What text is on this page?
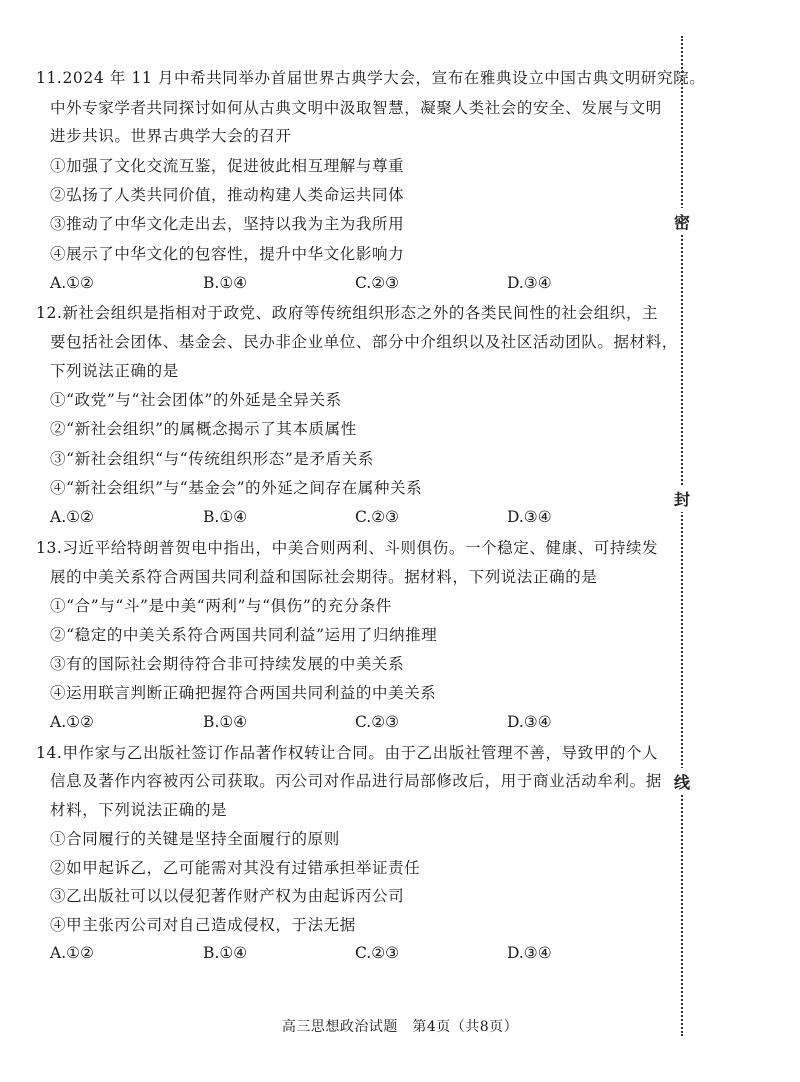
11.2024 年 11 月中希共同举办首届世界古典学大会，宣布在雅典设立中国古典文明研究院。
中外专家学者共同探讨如何从古典文明中汲取智慧，凝聚人类社会的安全、发展与文明
进步共识。世界古典学大会的召开
①加强了文化交流互鉴，促进彼此相互理解与尊重
②弘扬了人类共同价值，推动构建人类命运共同体
③推动了中华文化走出去，坚持以我为主为我所用
④展示了中华文化的包容性，提升中华文化影响力
A.①②	B.①④	C.②③	D.③④
12.新社会组织是指相对于政党、政府等传统组织形态之外的各类民间性的社会组织，主
要包括社会团体、基金会、民办非企业单位、部分中介组织以及社区活动团队。据材料，
下列说法正确的是
①“政党”与“社会团体”的外延是全异关系
②“新社会组织”的属概念揭示了其本质属性
③“新社会组织“与“传统组织形态”是矛盾关系
④“新社会组织”与“基金会”的外延之间存在属种关系
A.①②	B.①④	C.②③	D.③④
13.习近平给特朗普贺电中指出，中美合则两利、斗则俱伤。一个稳定、健康、可持续发
展的中美关系符合两国共同利益和国际社会期待。据材料，下列说法正确的是
①“合”与“斗”是中美“两利”与“俱伤”的充分条件
②“稳定的中美关系符合两国共同利益”运用了归纳推理
③有的国际社会期待符合非可持续发展的中美关系
④运用联言判断正确把握符合两国共同利益的中美关系
A.①②	B.①④	C.②③	D.③④
14.甲作家与乙出版社签订作品著作权转让合同。由于乙出版社管理不善，导致甲的个人
信息及著作内容被丙公司获取。丙公司对作品进行局部修改后，用于商业活动牟利。据
材料，下列说法正确的是
①合同履行的关键是坚持全面履行的原则
②如甲起诉乙，乙可能需对其没有过错承担举证责任
③乙出版社可以以侵犯著作财产权为由起诉丙公司
④甲主张丙公司对自己造成侵权，于法无据
A.①②	B.①④	C.②③	D.③④
高三思想政治试题　第4页（共8页）
密
封
线
